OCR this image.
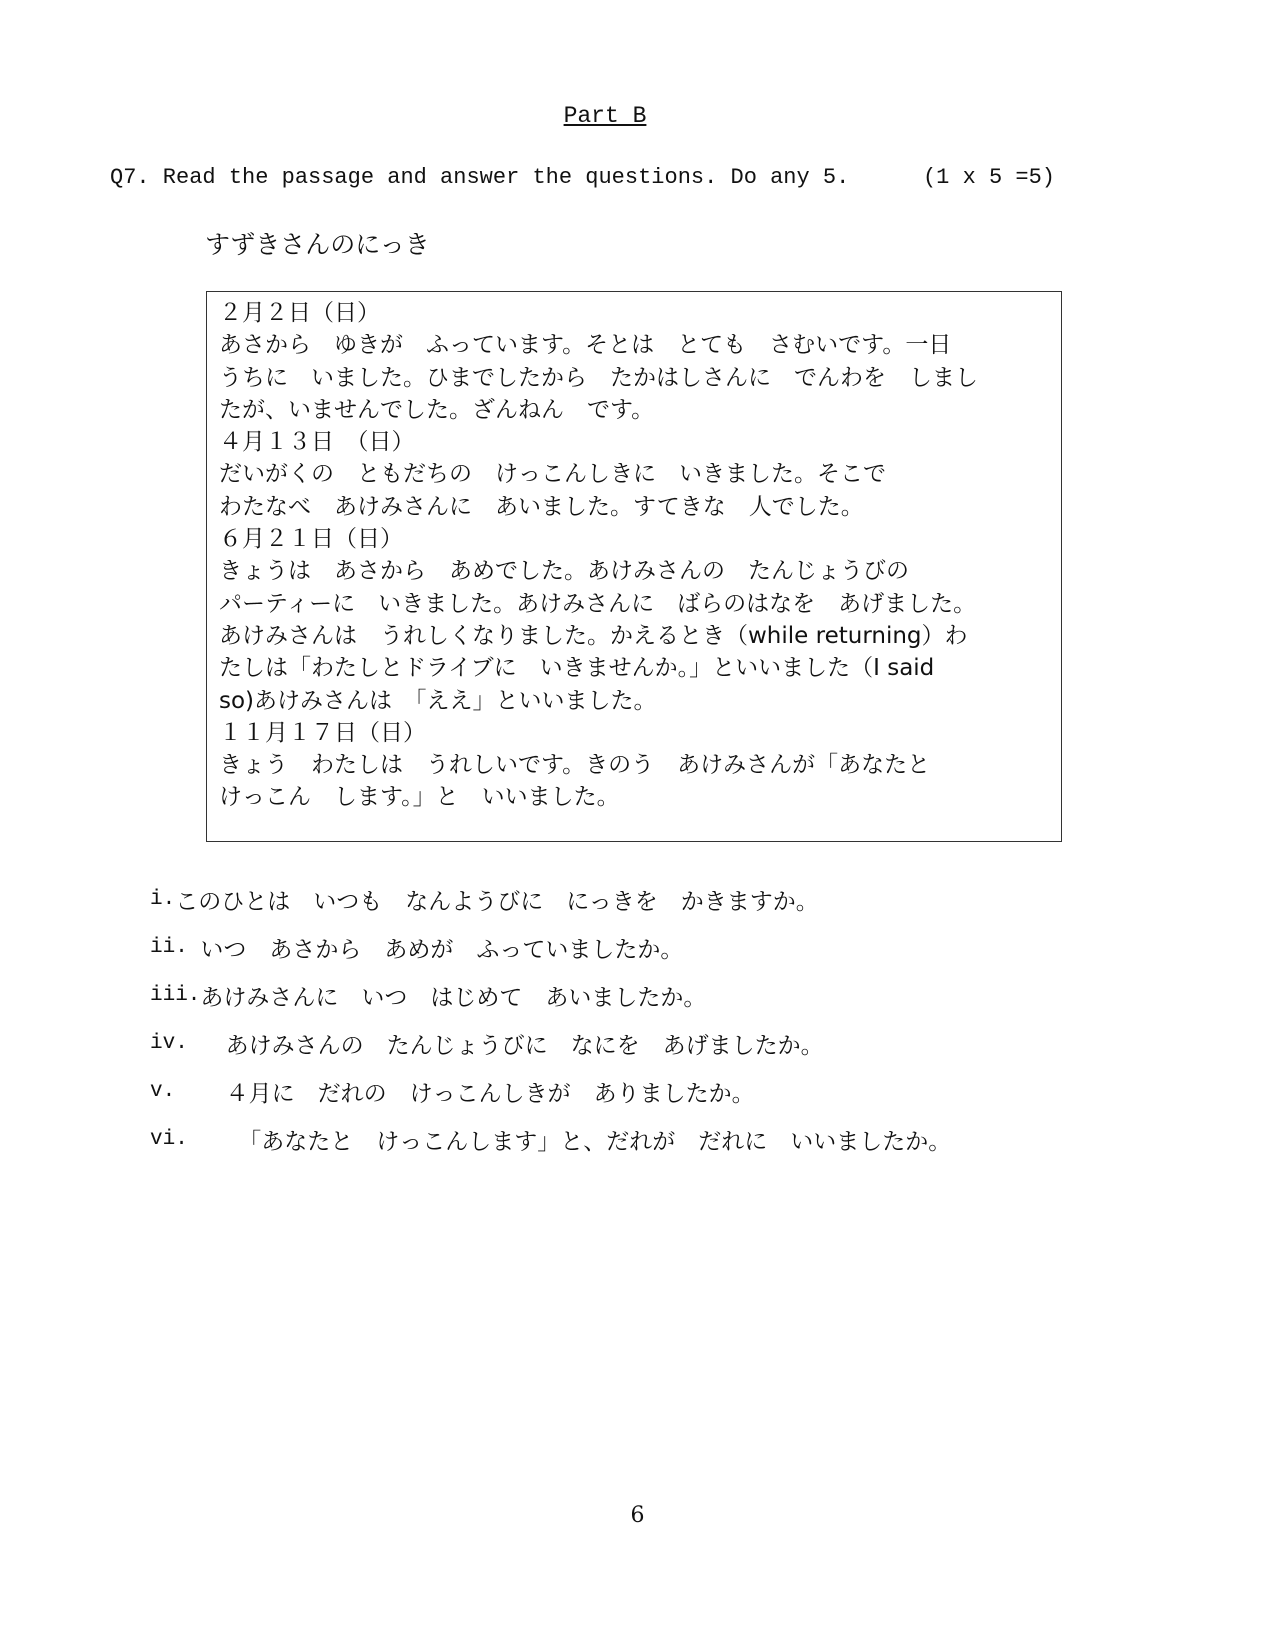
Part B
Q7. Read the passage and answer the questions. Do any 5.	(1 x 5 =5)
すずきさんのにっき
２月２日（日）
あさから　ゆきが　ふっています。そとは　とても　さむいです。一日
うちに　いました。ひまでしたから　たかはしさんに　でんわを　しまし
たが、いませんでした。ざんねん　です。
４月１３日　（日）
だいがくの　ともだちの　けっこんしきに　いきました。そこで
わたなべ　あけみさんに　あいました。すてきな　人でした。
６月２１日（日）
きょうは　あさから　あめでした。あけみさんの　たんじょうびの
パーティーに　いきました。あけみさんに　ばらのはなを　あげました。
あけみさんは　うれしくなりました。かえるとき（while returning）わ
たしは「わたしとドライブに　いきませんか。」といいました（I said
so)あけみさんは　「ええ」といいました。
１１月１７日（日）
きょう　わたしは　うれしいです。きのう　あけみさんが「あなたと
けっこん　します。」と　いいました。
i. このひとは　いつも　なんようびに　にっきを　かきますか。
ii. いつ　あさから　あめが　ふっていましたか。
iii. あけみさんに　いつ　はじめて　あいましたか。
iv. あけみさんの　たんじょうびに　なにを　あげましたか。
v. ４月に　だれの　けっこんしきが　ありましたか。
vi. 「あなたと　けっこんします」と、だれが　だれに　いいましたか。
6
